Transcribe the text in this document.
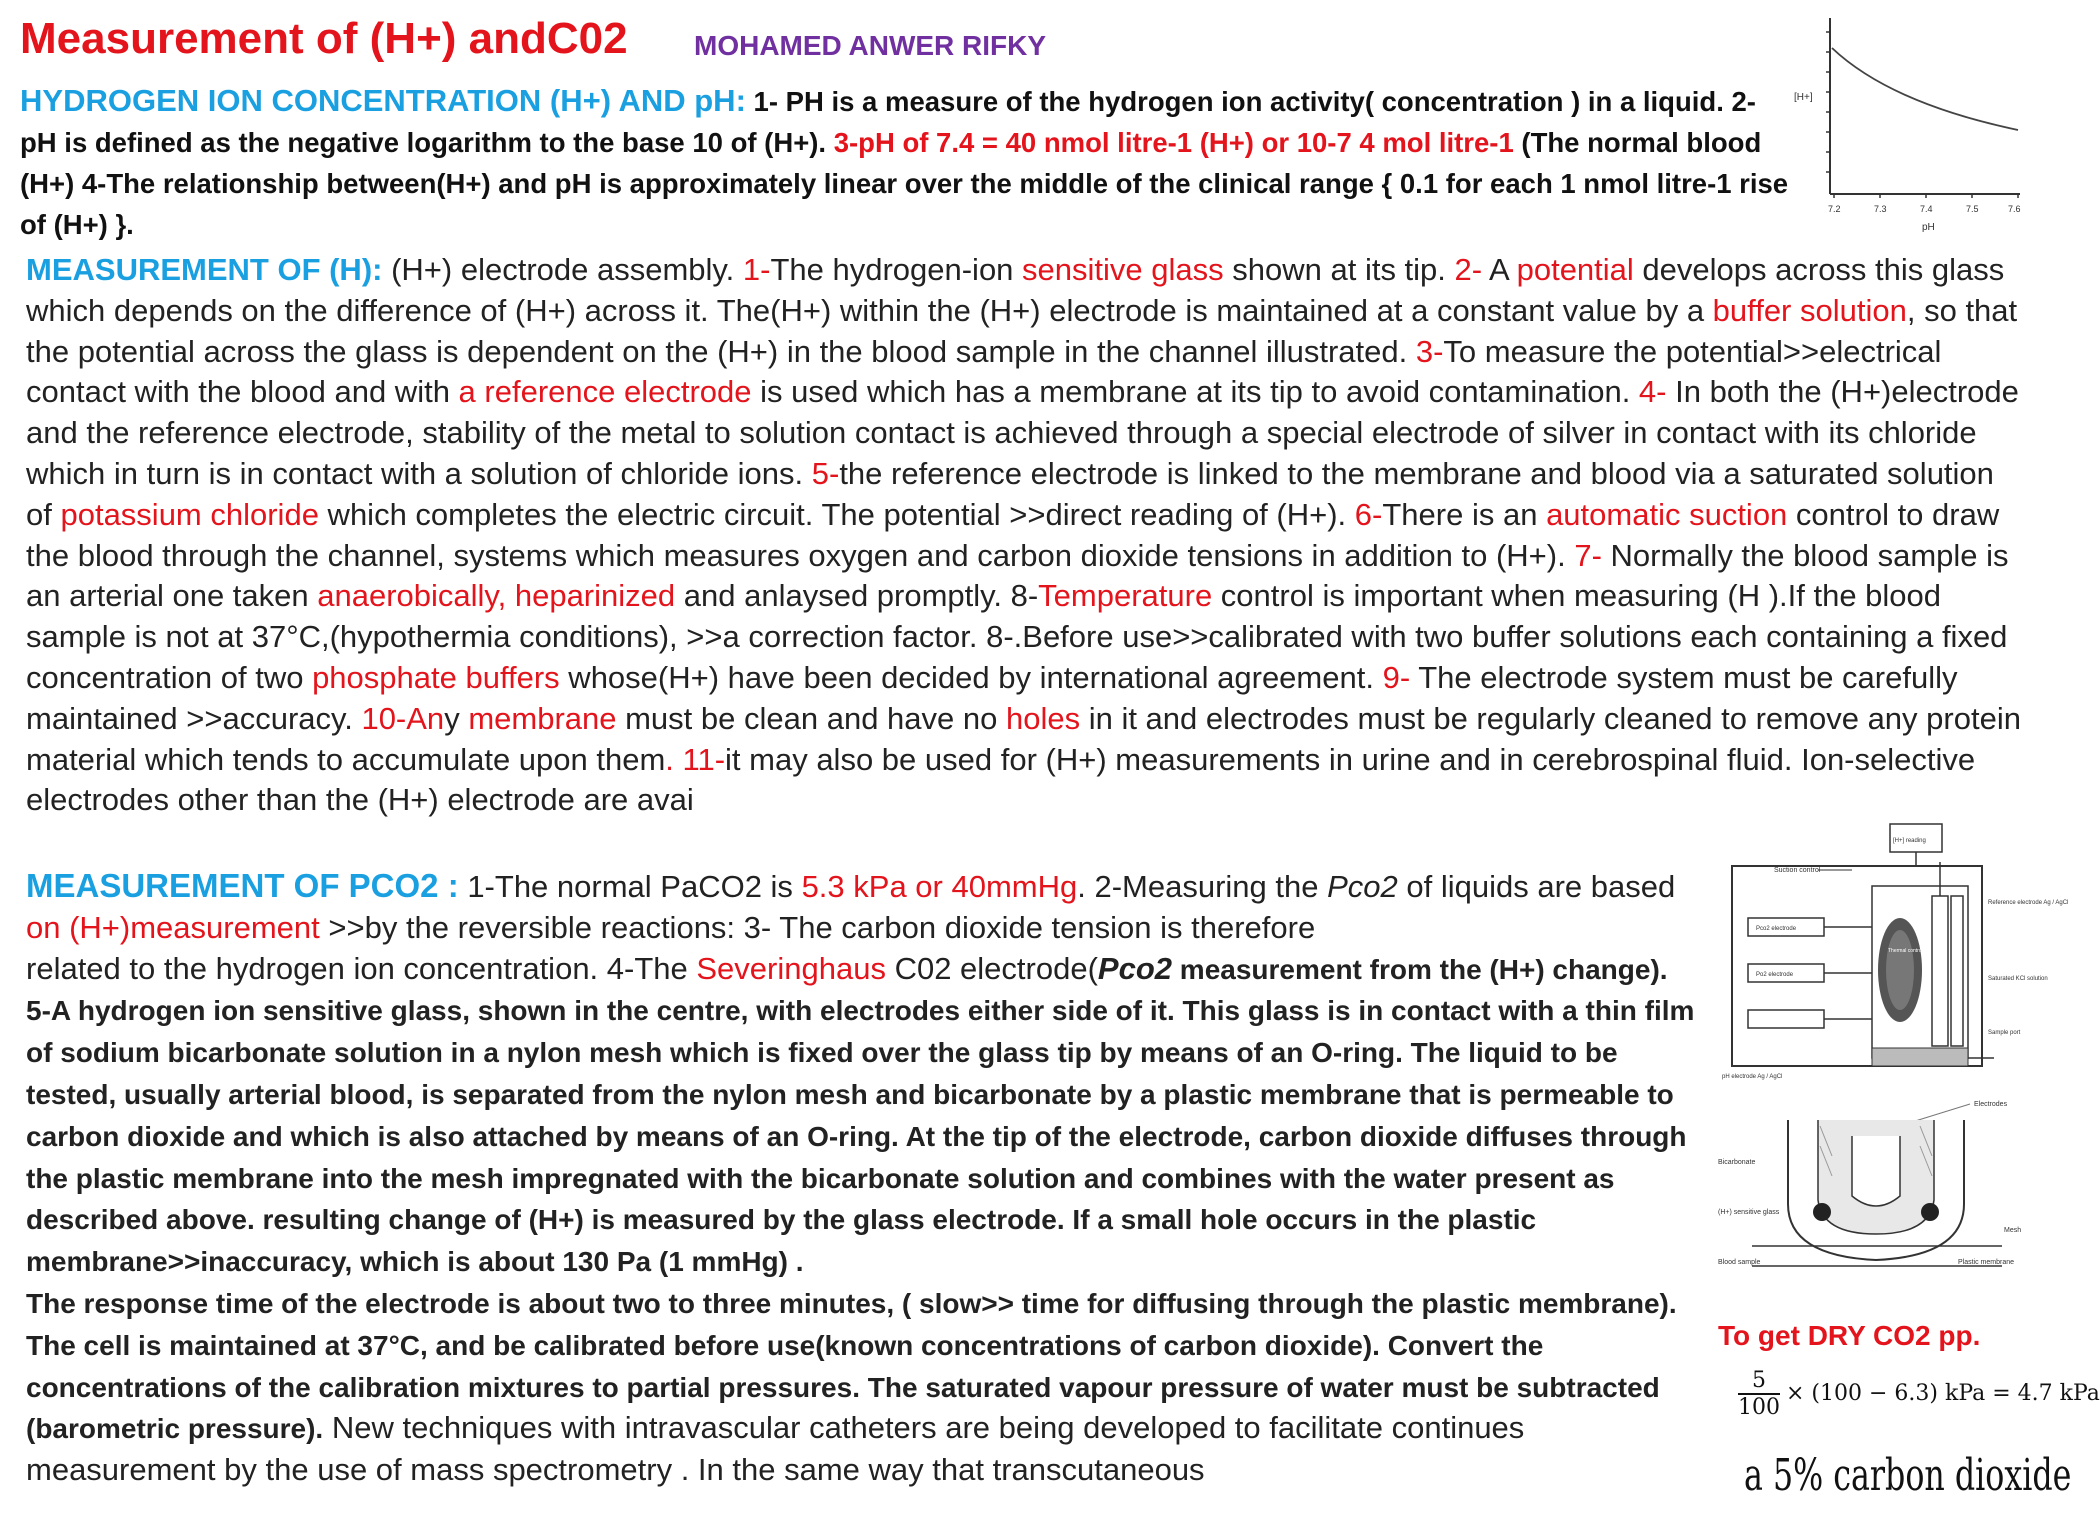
Measurement of (H+) andC02 MOHAMED ANWER RIFKY
HYDROGEN ION CONCENTRATION (H+) AND pH: 1- PH is a measure of the hydrogen ion activity( concentration ) in a liquid. 2- pH is defined as the negative logarithm to the base 10 of (H+). 3-pH of 7.4 = 40 nmol litre-1 (H+) or 10-7 4 mol litre-1 (The normal blood (H+) 4-The relationship between(H+) and pH is approximately linear over the middle of the clinical range { 0.1 for each 1 nmol litre-1 rise of (H+) }.
MEASUREMENT OF (H): (H+) electrode assembly. 1-The hydrogen-ion sensitive glass shown at its tip. 2- A potential develops across this glass which depends on the difference of (H+) across it. The(H+) within the (H+) electrode is maintained at a constant value by a buffer solution, so that the potential across the glass is dependent on the (H+) in the blood sample in the channel illustrated. 3-To measure the potential>>electrical contact with the blood and with a reference electrode is used which has a membrane at its tip to avoid contamination. 4- In both the (H+)electrode and the reference electrode, stability of the metal to solution contact is achieved through a special electrode of silver in contact with its chloride which in turn is in contact with a solution of chloride ions. 5-the reference electrode is linked to the membrane and blood via a saturated solution of potassium chloride which completes the electric circuit. The potential >>direct reading of (H+). 6-There is an automatic suction control to draw the blood through the channel, systems which measures oxygen and carbon dioxide tensions in addition to (H+). 7- Normally the blood sample is an arterial one taken anaerobically, heparinized and anlaysed promptly. 8-Temperature control is important when measuring (H ).If the blood sample is not at 37°C,(hypothermia conditions), >>a correction factor. 8-.Before use>>calibrated with two buffer solutions each containing a fixed concentration of two phosphate buffers whose(H+) have been decided by international agreement. 9- The electrode system must be carefully maintained >>accuracy. 10-Any membrane must be clean and have no holes in it and electrodes must be regularly cleaned to remove any protein material which tends to accumulate upon them. 11-it may also be used for (H+) measurements in urine and in cerebrospinal fluid. Ion-selective electrodes other than the (H+) electrode are avai
MEASUREMENT OF PCO2 : 1-The normal PaCO2 is 5.3 kPa or 40mmHg. 2-Measuring the Pco2 of liquids are based on (H+)measurement >>by the reversible reactions: 3- The carbon dioxide tension is therefore
related to the hydrogen ion concentration. 4-The Severinghaus C02 electrode(Pco2 measurement from the (H+) change). 5-A hydrogen ion sensitive glass, shown in the centre, with electrodes either side of it. This glass is in contact with a thin film of sodium bicarbonate solution in a nylon mesh which is fixed over the glass tip by means of an O-ring. The liquid to be tested, usually arterial blood, is separated from the nylon mesh and bicarbonate by a plastic membrane that is permeable to carbon dioxide and which is also attached by means of an O-ring. At the tip of the electrode, carbon dioxide diffuses through the plastic membrane into the mesh impregnated with the bicarbonate solution and combines with the water present as described above. resulting change of (H+) is measured by the glass electrode. If a small hole occurs in the plastic membrane>>inaccuracy, which is about 130 Pa (1 mmHg) .
The response time of the electrode is about two to three minutes, ( slow>> time for diffusing through the plastic membrane). The cell is maintained at 37°C, and be calibrated before use(known concentrations of carbon dioxide). Convert the concentrations of the calibration mixtures to partial pressures. The saturated vapour pressure of water must be subtracted (barometric pressure). New techniques with intravascular catheters are being developed to facilitate continues measurement by the use of mass spectrometry . In the same way that transcutaneous
[H+]
7.2	7.3	7.4	7.5	7.6
pH
[H+] reading
Suction control
Pco2 electrode
Po2 electrode
Thermal control system at 37°C
Reference electrode Ag / AgCl
Saturated KCl solution
Sample port
pH electrode Ag / AgCl
Electrodes
Bicarbonate
(H+) sensitive glass
Mesh
Blood sample	Plastic membrane
To get DRY CO2 pp.
$\frac{5}{100} \times (100 - 6.3)$ kPa = 4.7 kPa
a 5% carbon dioxide
